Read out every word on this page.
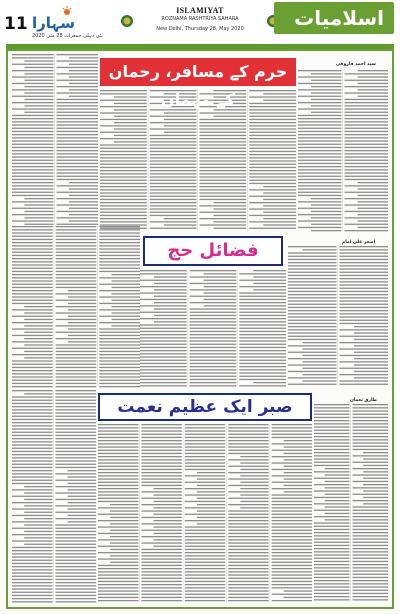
11 سہارا
نئی دہلی جمعرات 28 مئی 2020
ISLAMIYAT
ROZNAMA RASHTRIYA SAHARA
New Delhi, Thursday 28, May 2020	اسلامیات
حرم کے مسافر، رحمان کے مہمان
فضائل حج
صبر ایک عظیم نعمت
سید احمد فاروقی
اصغر علی امام
طارق نعمان
